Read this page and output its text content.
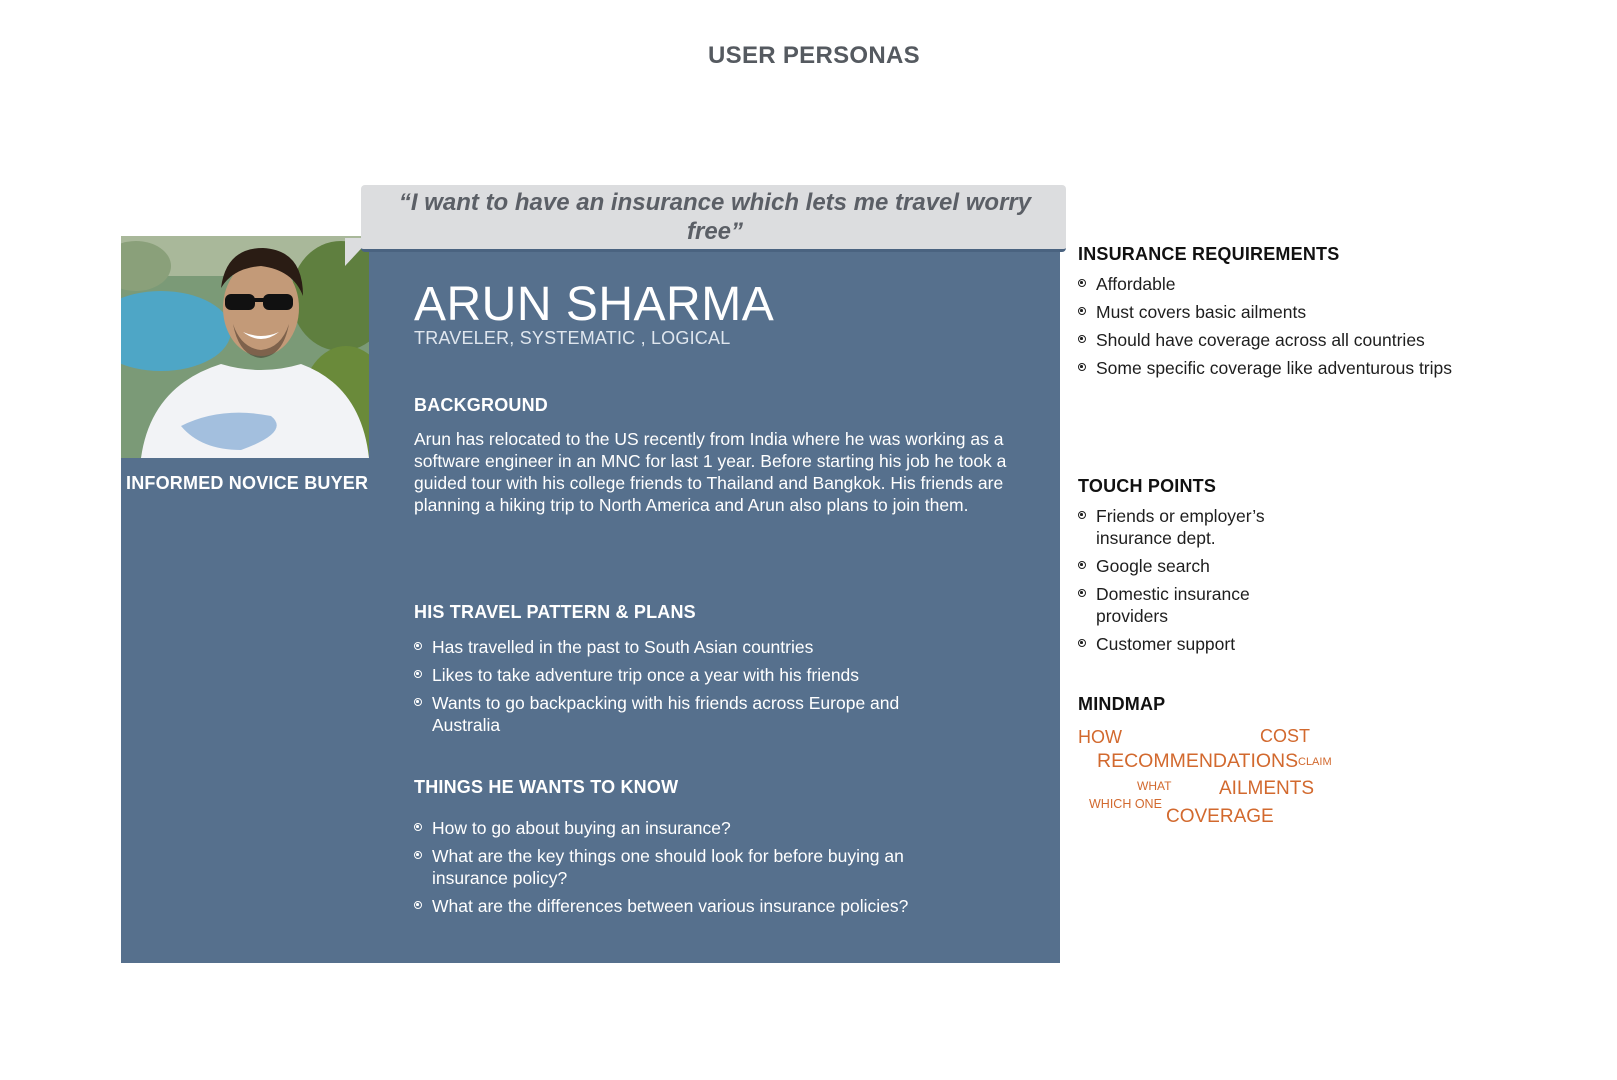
USER PERSONAS
INFORMED NOVICE BUYER
“I want to have an insurance which lets me travel worry free”
ARUN SHARMA
TRAVELER, SYSTEMATIC , LOGICAL
BACKGROUND
Arun has relocated to the US recently from India where he was working as a software engineer in an MNC for last 1 year. Before starting his job he took a guided tour with his college friends to Thailand and Bangkok. His friends are planning a hiking trip to North America and Arun also plans to join them.
HIS TRAVEL PATTERN & PLANS
Has travelled in the past to South Asian countries
Likes to take adventure trip once a year with his friends
Wants to go backpacking with his friends across Europe and Australia
THINGS HE WANTS TO KNOW
How to go about buying an insurance?
What are the key things one should look for before buying an insurance policy?
What are the differences between various insurance policies?
INSURANCE REQUIREMENTS
Affordable
Must covers basic ailments
Should have coverage across all countries
Some specific coverage like adventurous trips
TOUCH POINTS
Friends or employer’s insurance dept.
Google search
Domestic insurance providers
Customer support
MINDMAP
HOW	COST
RECOMMENDATIONS CLAIM
WHAT	AILMENTS
WHICH ONE
COVERAGE
